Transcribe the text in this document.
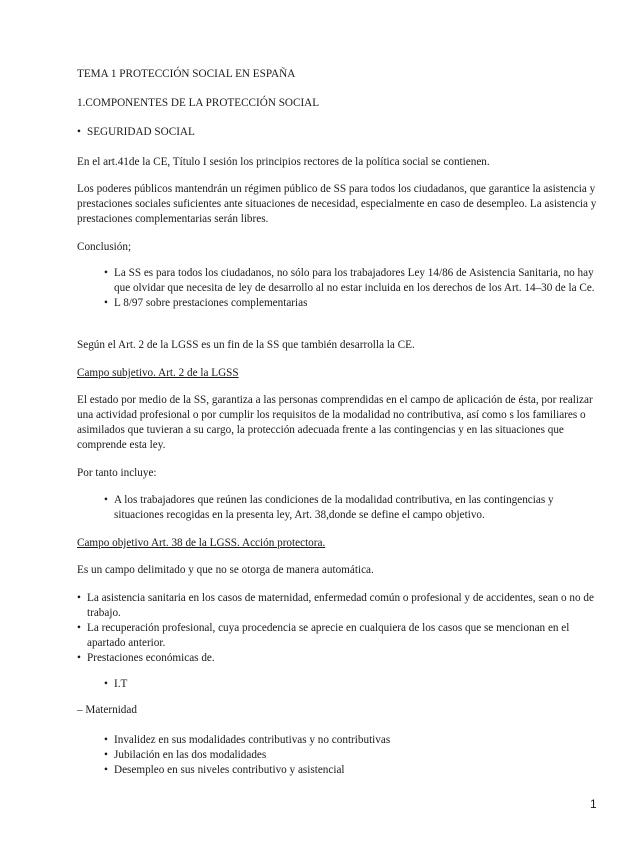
TEMA 1 PROTECCIÓN SOCIAL EN ESPAÑA
1.COMPONENTES DE LA PROTECCIÓN SOCIAL
• SEGURIDAD SOCIAL
En el art.41de la CE, Título I sesión los principios rectores de la política social se contienen.
Los poderes públicos mantendrán un régimen público de SS para todos los ciudadanos, que garantice la asistencia y prestaciones sociales suficientes ante situaciones de necesidad, especialmente en caso de desempleo. La asistencia y prestaciones complementarias serán libres.
Conclusión;
• La SS es para todos los ciudadanos, no sólo para los trabajadores Ley 14/86 de Asistencia Sanitaria, no hay que olvidar que necesita de ley de desarrollo al no estar incluida en los derechos de los Art. 14–30 de la Ce.
• L 8/97 sobre prestaciones complementarias
Según el Art. 2 de la LGSS es un fin de la SS que también desarrolla la CE.
Campo subjetivo. Art. 2 de la LGSS
El estado por medio de la SS, garantiza a las personas comprendidas en el campo de aplicación de ésta, por realizar una actividad profesional o por cumplir los requisitos de la modalidad no contributiva, así como s los familiares o asimilados que tuvieran a su cargo, la protección adecuada frente a las contingencias y en las situaciones que comprende esta ley.
Por tanto incluye:
• A los trabajadores que reúnen las condiciones de la modalidad contributiva, en las contingencias y situaciones recogidas en la presenta ley, Art. 38,donde se define el campo objetivo.
Campo objetivo Art. 38 de la LGSS. Acción protectora.
Es un campo delimitado y que no se otorga de manera automática.
• La asistencia sanitaria en los casos de maternidad, enfermedad común o profesional y de accidentes, sean o no de trabajo.
• La recuperación profesional, cuya procedencia se aprecie en cualquiera de los casos que se mencionan en el apartado anterior.
• Prestaciones económicas de.
• I.T
– Maternidad
• Invalidez en sus modalidades contributivas y no contributivas
• Jubilación en las dos modalidades
• Desempleo en sus niveles contributivo y asistencial
1
